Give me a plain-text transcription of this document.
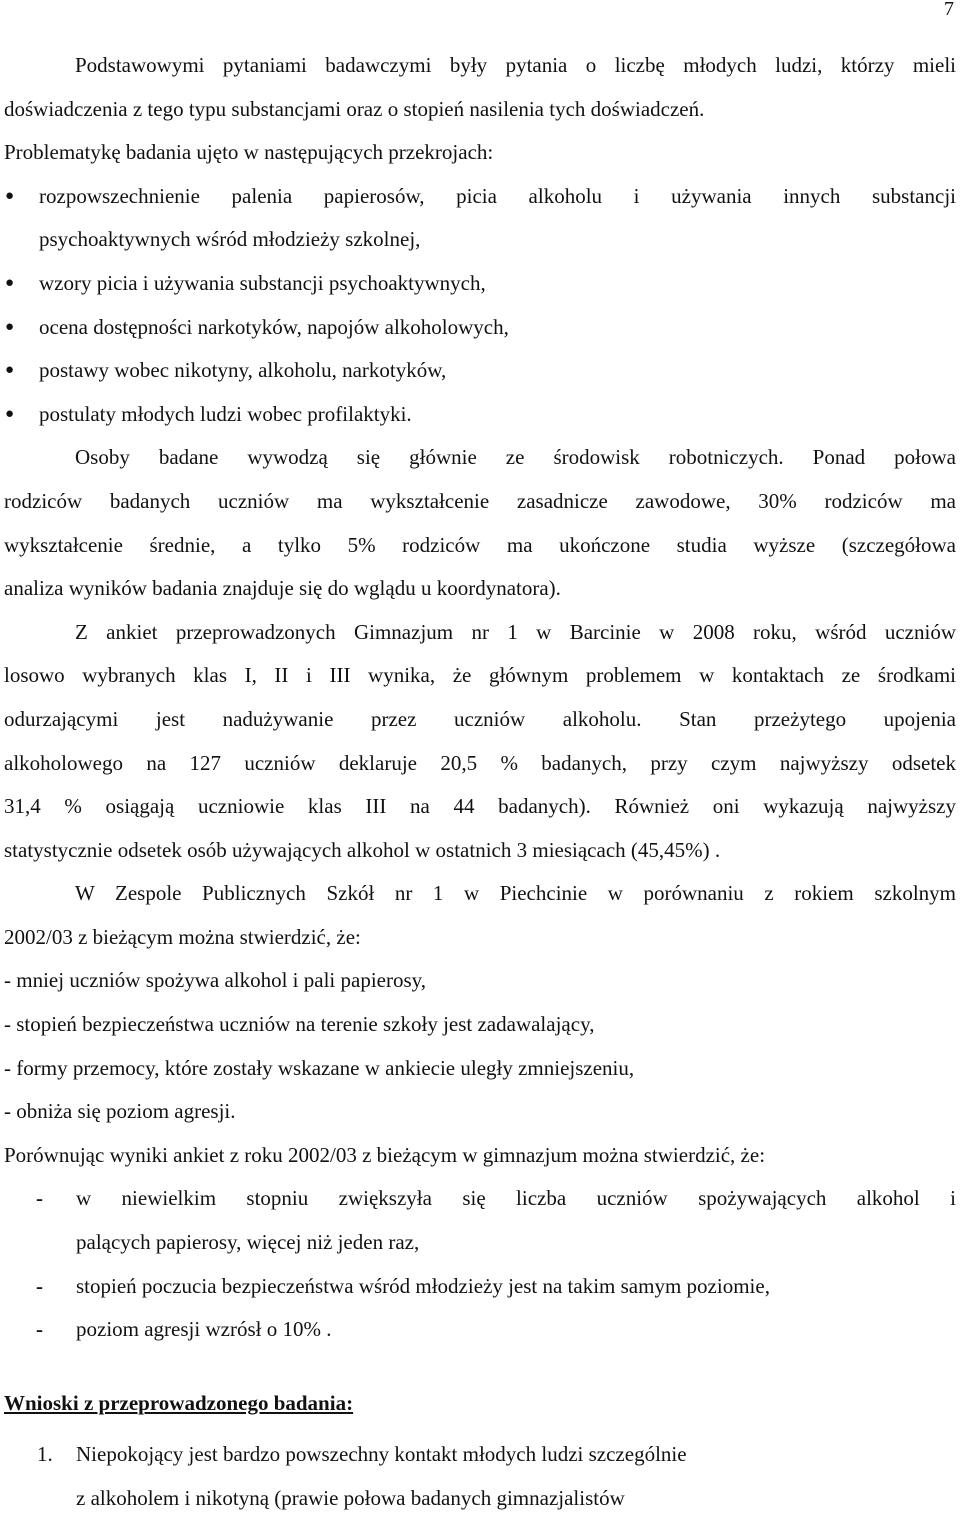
7

Podstawowymi pytaniami badawczymi były pytania o liczbę młodych ludzi, którzy mieli

doświadczenia z tego typu substancjami oraz o stopień nasilenia tych doświadczeń.

Problematykę badania ujęto w następujących przekrojach:

● rozpowszechnienie palenia papierosów, picia alkoholu i używania innych substancji
psychoaktywnych wśród młodzieży szkolnej,
● wzory picia i używania substancji psychoaktywnych,
● ocena dostępności narkotyków, napojów alkoholowych,
● postawy wobec nikotyny, alkoholu, narkotyków,
● postulaty młodych ludzi wobec profilaktyki.

Osoby badane wywodzą się głównie ze środowisk robotniczych. Ponad połowa

rodziców badanych uczniów ma wykształcenie zasadnicze zawodowe, 30% rodziców ma

wykształcenie średnie, a tylko 5% rodziców ma ukończone studia wyższe (szczegółowa

analiza wyników badania znajduje się do wglądu u koordynatora).

Z ankiet przeprowadzonych Gimnazjum nr 1 w Barcinie w 2008 roku, wśród uczniów

losowo wybranych klas I, II i III wynika, że głównym problemem w kontaktach ze środkami

odurzającymi jest nadużywanie przez uczniów alkoholu. Stan przeżytego upojenia

alkoholowego na 127 uczniów deklaruje 20,5 % badanych, przy czym najwyższy odsetek

31,4 % osiągają uczniowie klas III na 44 badanych). Również oni wykazują najwyższy

statystycznie odsetek osób używających alkohol w ostatnich 3 miesiącach (45,45%) .

W Zespole Publicznych Szkół nr 1 w Piechcinie w porównaniu z rokiem szkolnym

2002/03 z bieżącym można stwierdzić, że:

- mniej uczniów spożywa alkohol i pali papierosy,

- stopień bezpieczeństwa uczniów na terenie szkoły jest zadawalający,

- formy przemocy, które zostały wskazane w ankiecie uległy zmniejszeniu,

- obniża się poziom agresji.

Porównując wyniki ankiet z roku 2002/03 z bieżącym w gimnazjum można stwierdzić, że:

- w niewielkim stopniu zwiększyła się liczba uczniów spożywających alkohol i
palących papierosy, więcej niż jeden raz,
- stopień poczucia bezpieczeństwa wśród młodzieży jest na takim samym poziomie,
- poziom agresji wzrósł o 10% .

Wnioski z przeprowadzonego badania:

1. Niepokojący jest bardzo powszechny kontakt młodych ludzi szczególnie
z alkoholem i nikotyną (prawie połowa badanych gimnazjalistów
